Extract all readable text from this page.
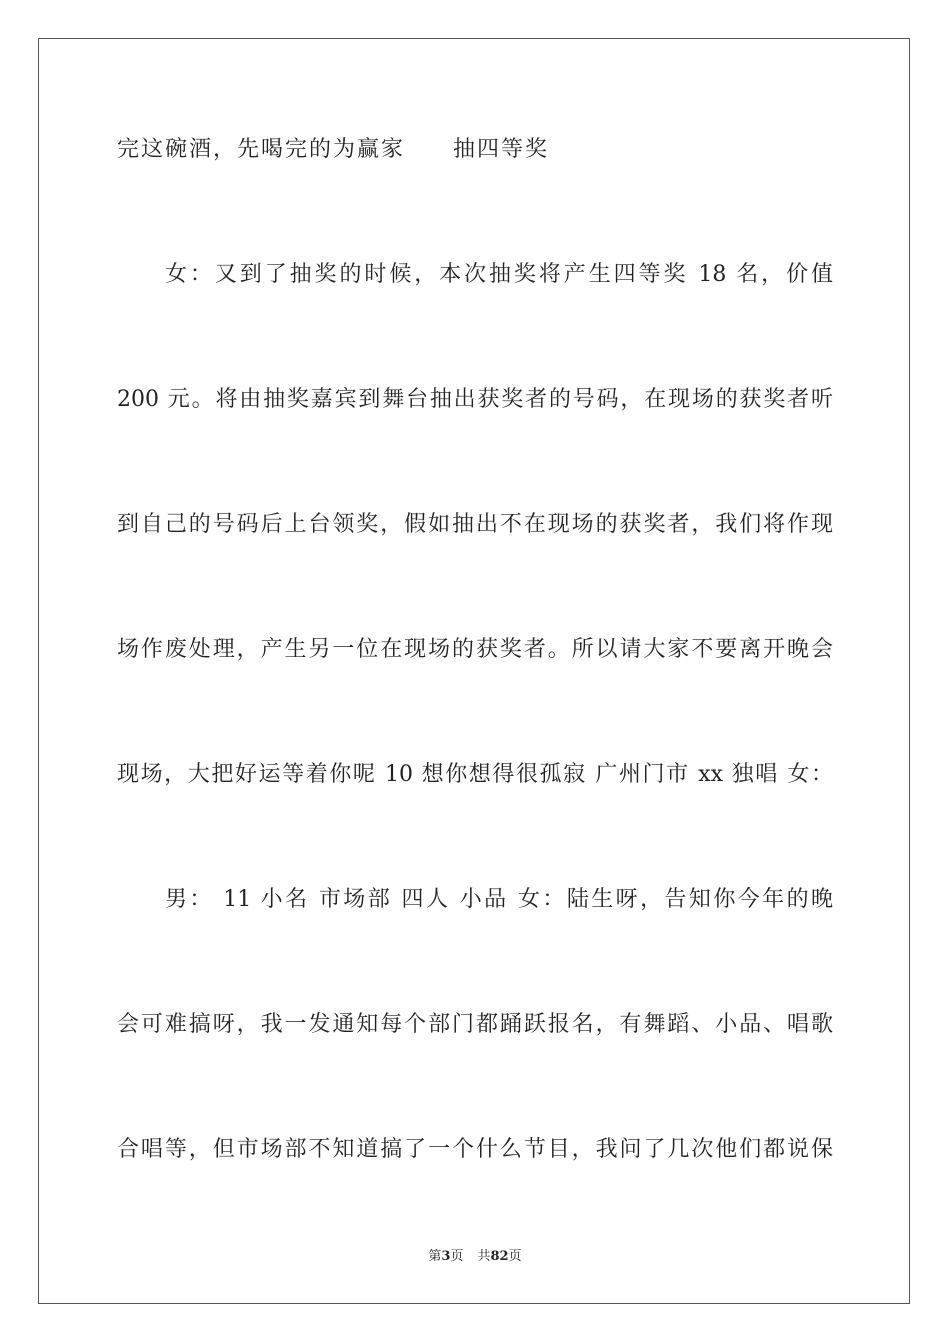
完这碗酒，先喝完的为赢家　　抽四等奖
女：又到了抽奖的时候，本次抽奖将产生四等奖 18 名，价值
200 元。将由抽奖嘉宾到舞台抽出获奖者的号码，在现场的获奖者听
到自己的号码后上台领奖，假如抽出不在现场的获奖者，我们将作现
场作废处理，产生另一位在现场的获奖者。所以请大家不要离开晚会
现场，大把好运等着你呢 10 想你想得很孤寂 广州门市 xx 独唱 女：
男： 11 小名 市场部 四人 小品 女：陆生呀，告知你今年的晚
会可难搞呀，我一发通知每个部门都踊跃报名，有舞蹈、小品、唱歌
合唱等，但市场部不知道搞了一个什么节目，我问了几次他们都说保
第3页 共82页
